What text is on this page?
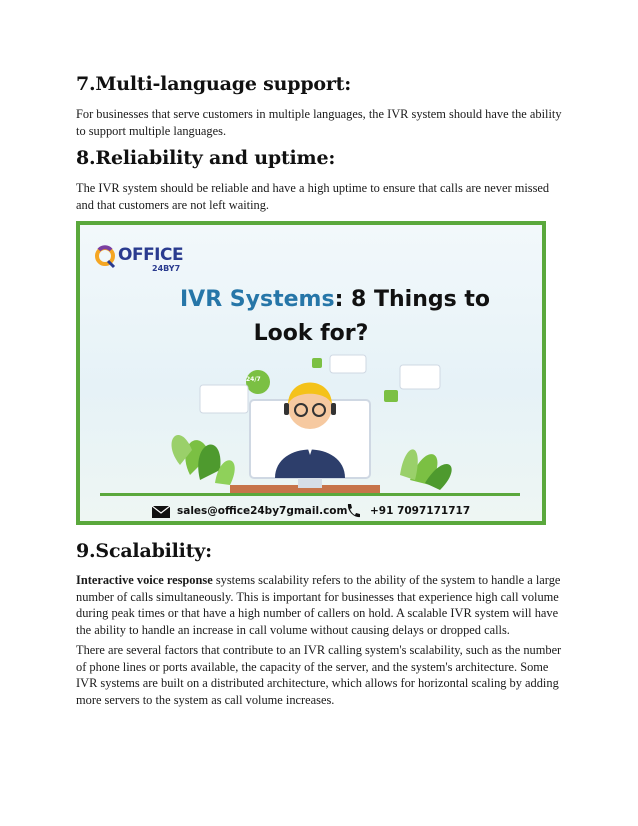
7.Multi-language support:

For businesses that serve customers in multiple languages, the IVR system should have the ability to support multiple languages.

8.Reliability and uptime:

The IVR system should be reliable and have a high uptime to ensure that calls are never missed and that customers are not left waiting.

9.Scalability:

Interactive voice response systems scalability refers to the ability of the system to handle a large number of calls simultaneously. This is important for businesses that experience high call volume during peak times or that have a high number of callers on hold. A scalable IVR system will have the ability to handle an increase in call volume without causing delays or dropped calls.

There are several factors that contribute to an IVR calling system's scalability, such as the number of phone lines or ports available, the capacity of the server, and the system's architecture. Some IVR systems are built on a distributed architecture, which allows for horizontal scaling by adding more servers to the system as call volume increases.

OFFICE
24BY7
IVR Systems: 8 Things to
Look for?
24/7
sales@office24by7gmail.com +91 7097171717
